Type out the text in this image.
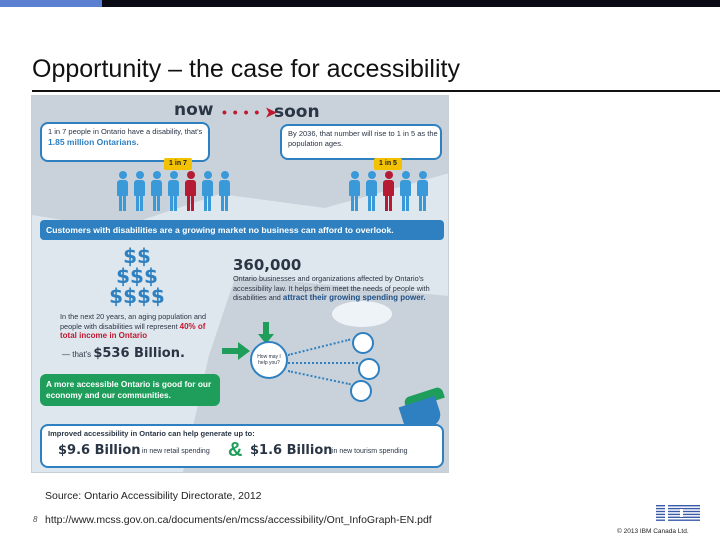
Opportunity – the case for accessibility
now • • • • ➤
soon
1 in 7 people in Ontario have a disability, that's 1.85 million Ontarians.
By 2036, that number will rise to 1 in 5 as the population ages.
1 in 7	1 in 5
Customers with disabilities are a growing market no business can afford to overlook.
$$
$$$
$$$$
360,000
Ontario businesses and organizations affected by Ontario's accessibility law. It helps them meet the needs of people with disabilities and attract their growing spending power.
In the next 20 years, an aging population and people with disabilities will represent 40% of total income in Ontario
— that's $536 Billion.	How may I help you?
A more accessible Ontario is good for our economy and our communities.
Improved accessibility in Ontario can help generate up to:
$9.6 Billion in new retail spending & $1.6 Billion in new tourism spending
Source: Ontario Accessibility Directorate, 2012
8 http://www.mcss.gov.on.ca/documents/en/mcss/accessibility/Ont_InfoGraph-EN.pdf
© 2013 IBM Canada Ltd.
